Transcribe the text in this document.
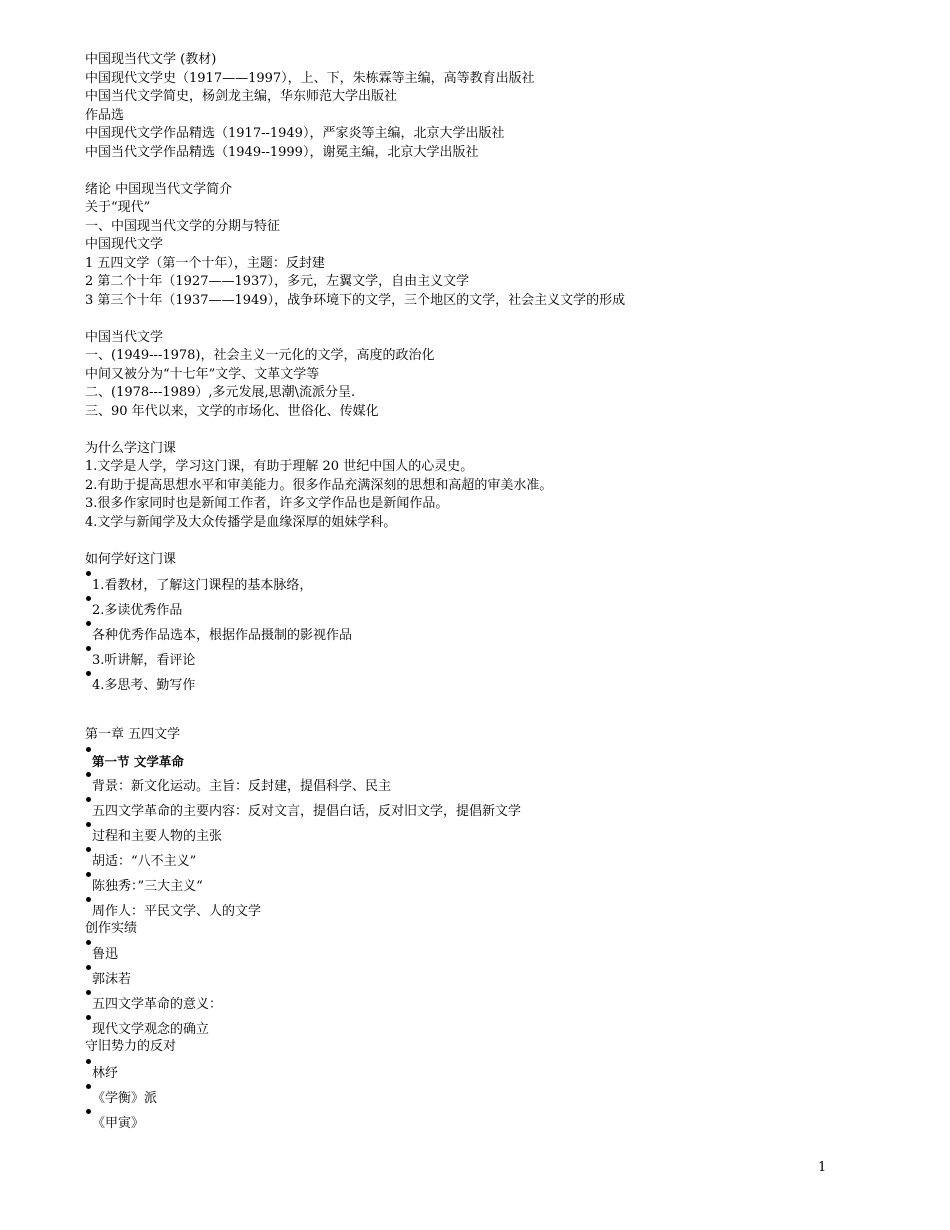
中国现当代文学 (教材)
中国现代文学史（1917——1997），上、下，朱栋霖等主编，高等教育出版社
中国当代文学简史，杨剑龙主编，华东师范大学出版社
作品选
中国现代文学作品精选（1917--1949），严家炎等主编，北京大学出版社
中国当代文学作品精选（1949--1999），谢冕主编，北京大学出版社
绪论 中国现当代文学简介
关于“现代”
一、中国现当代文学的分期与特征
中国现代文学
1 五四文学（第一个十年），主题：反封建
2 第二个十年（1927——1937），多元，左翼文学，自由主义文学
3 第三个十年（1937——1949），战争环境下的文学，三个地区的文学，社会主义文学的形成
中国当代文学
一、(1949---1978)，社会主义一元化的文学，高度的政治化
中间又被分为“十七年”文学、文革文学等
二、(1978---1989）,多元发展,思潮\流派分呈.
三、90 年代以来，文学的市场化、世俗化、传媒化
为什么学这门课
1.文学是人学，学习这门课，有助于理解 20 世纪中国人的心灵史。
2.有助于提高思想水平和审美能力。很多作品充满深刻的思想和高超的审美水准。
3.很多作家同时也是新闻工作者，许多文学作品也是新闻作品。
4.文学与新闻学及大众传播学是血缘深厚的姐妹学科。
如何学好这门课
1.看教材，了解这门课程的基本脉络，
2.多读优秀作品
各种优秀作品选本，根据作品摄制的影视作品
3.听讲解，看评论
4.多思考、勤写作
第一章 五四文学
第一节 文学革命
背景：新文化运动。主旨：反封建，提倡科学、民主
五四文学革命的主要内容：反对文言，提倡白话，反对旧文学，提倡新文学
过程和主要人物的主张
胡适：“八不主义”
陈独秀：”三大主义“
周作人：平民文学、人的文学
创作实绩
鲁迅
郭沫若
五四文学革命的意义：
现代文学观念的确立
守旧势力的反对
林纾
《学衡》派
《甲寅》
1
